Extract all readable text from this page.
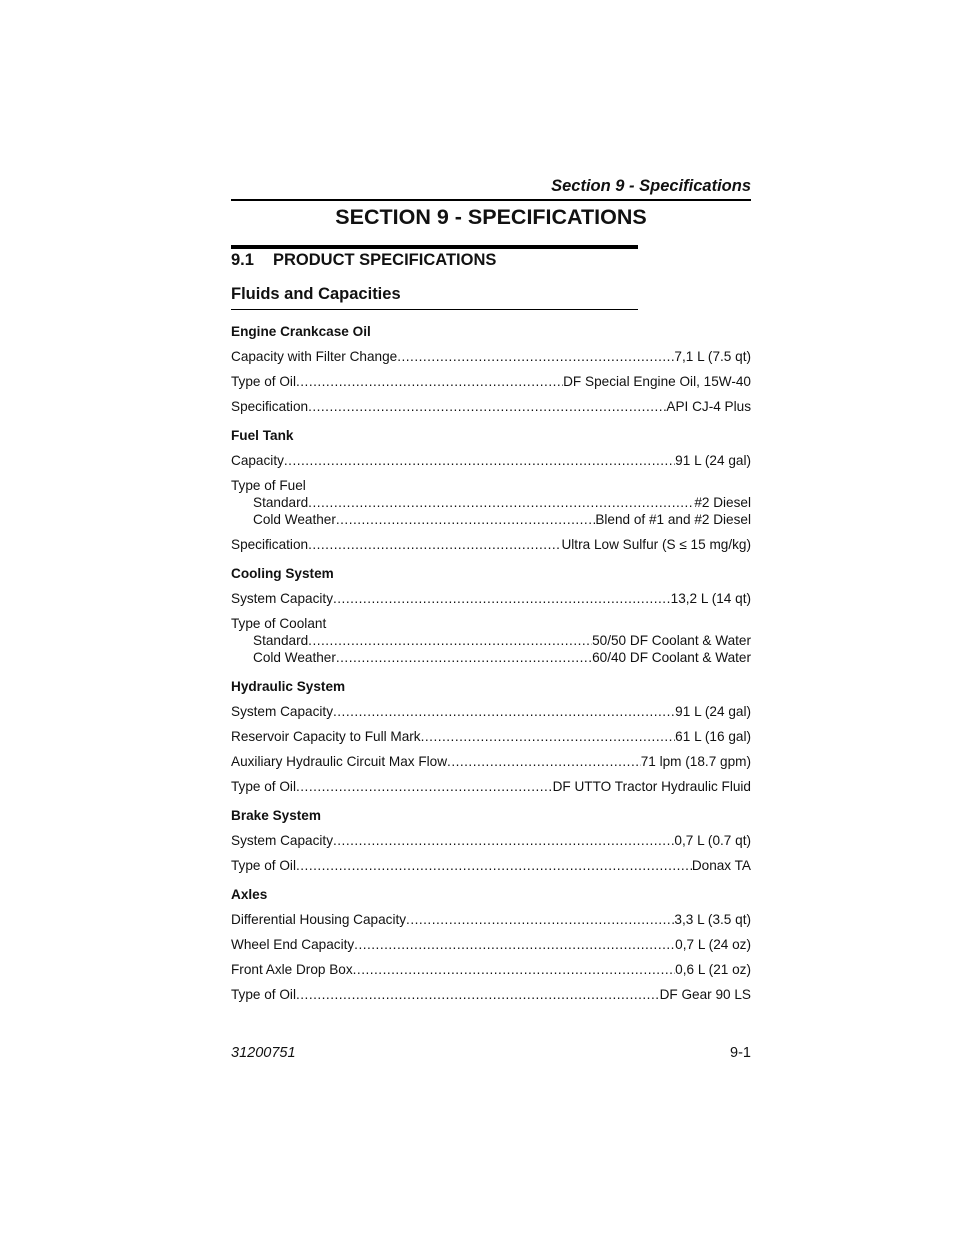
Section 9 - Specifications
SECTION 9 - SPECIFICATIONS
9.1 PRODUCT SPECIFICATIONS
Fluids and Capacities
Engine Crankcase Oil
Capacity with Filter Change .....	7,1 L (7.5 qt)
Type of Oil .....	DF Special Engine Oil, 15W-40
Specification .....	API CJ-4 Plus
Fuel Tank
Capacity .....	91 L (24 gal)
Type of Fuel
Standard .....	#2 Diesel
Cold Weather .....	Blend of #1 and #2 Diesel
Specification .....	Ultra Low Sulfur (S ≤ 15 mg/kg)
Cooling System
System Capacity .....	13,2 L (14 qt)
Type of Coolant
Standard .....	50/50 DF Coolant & Water
Cold Weather .....	60/40 DF Coolant & Water
Hydraulic System
System Capacity .....	91 L (24 gal)
Reservoir Capacity to Full Mark .....	61 L (16 gal)
Auxiliary Hydraulic Circuit Max Flow .....	71 lpm (18.7 gpm)
Type of Oil .....	DF UTTO Tractor Hydraulic Fluid
Brake System
System Capacity .....	0,7 L (0.7 qt)
Type of Oil .....	Donax TA
Axles
Differential Housing Capacity .....	3,3 L (3.5 qt)
Wheel End Capacity .....	0,7 L (24 oz)
Front Axle Drop Box .....	0,6 L (21 oz)
Type of Oil .....	DF Gear 90 LS
31200751	9-1
